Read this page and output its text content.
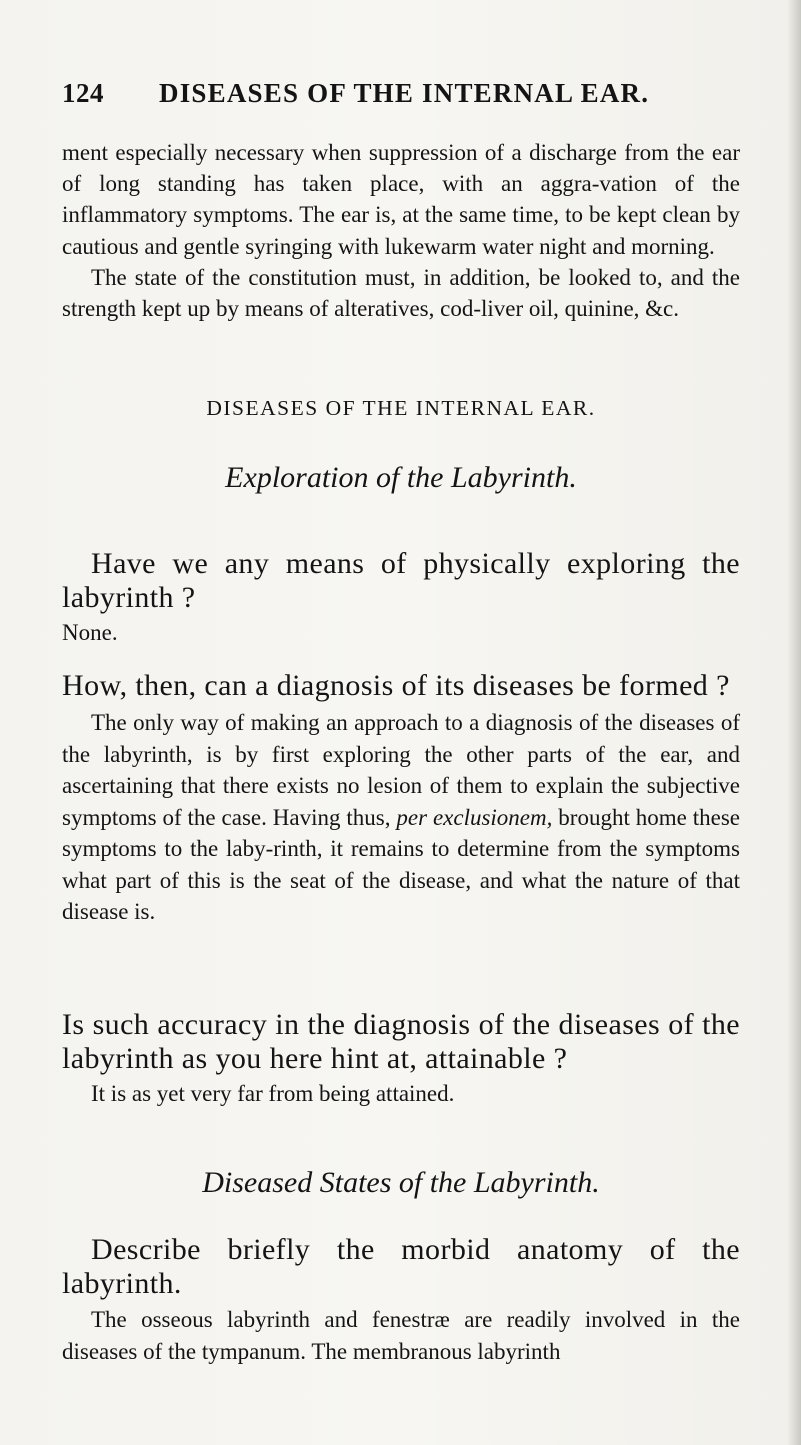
124 DISEASES OF THE INTERNAL EAR.

ment especially necessary when suppression of a discharge from the ear of long standing has taken place, with an aggra-vation of the inflammatory symptoms. The ear is, at the same time, to be kept clean by cautious and gentle syringing with lukewarm water night and morning.

The state of the constitution must, in addition, be looked to, and the strength kept up by means of alteratives, cod-liver oil, quinine, &c.

DISEASES OF THE INTERNAL EAR.
Exploration of the Labyrinth.

Have we any means of physically exploring the labyrinth ?

None.

How, then, can a diagnosis of its diseases be formed ?

The only way of making an approach to a diagnosis of the diseases of the labyrinth, is by first exploring the other parts of the ear, and ascertaining that there exists no lesion of them to explain the subjective symptoms of the case. Having thus, per exclusionem, brought home these symptoms to the laby-rinth, it remains to determine from the symptoms what part of this is the seat of the disease, and what the nature of that disease is.

Is such accuracy in the diagnosis of the diseases of the labyrinth as you here hint at, attainable ?

It is as yet very far from being attained.

Diseased States of the Labyrinth.

Describe briefly the morbid anatomy of the labyrinth.

The osseous labyrinth and fenestræ are readily involved in the diseases of the tympanum. The membranous labyrinth
